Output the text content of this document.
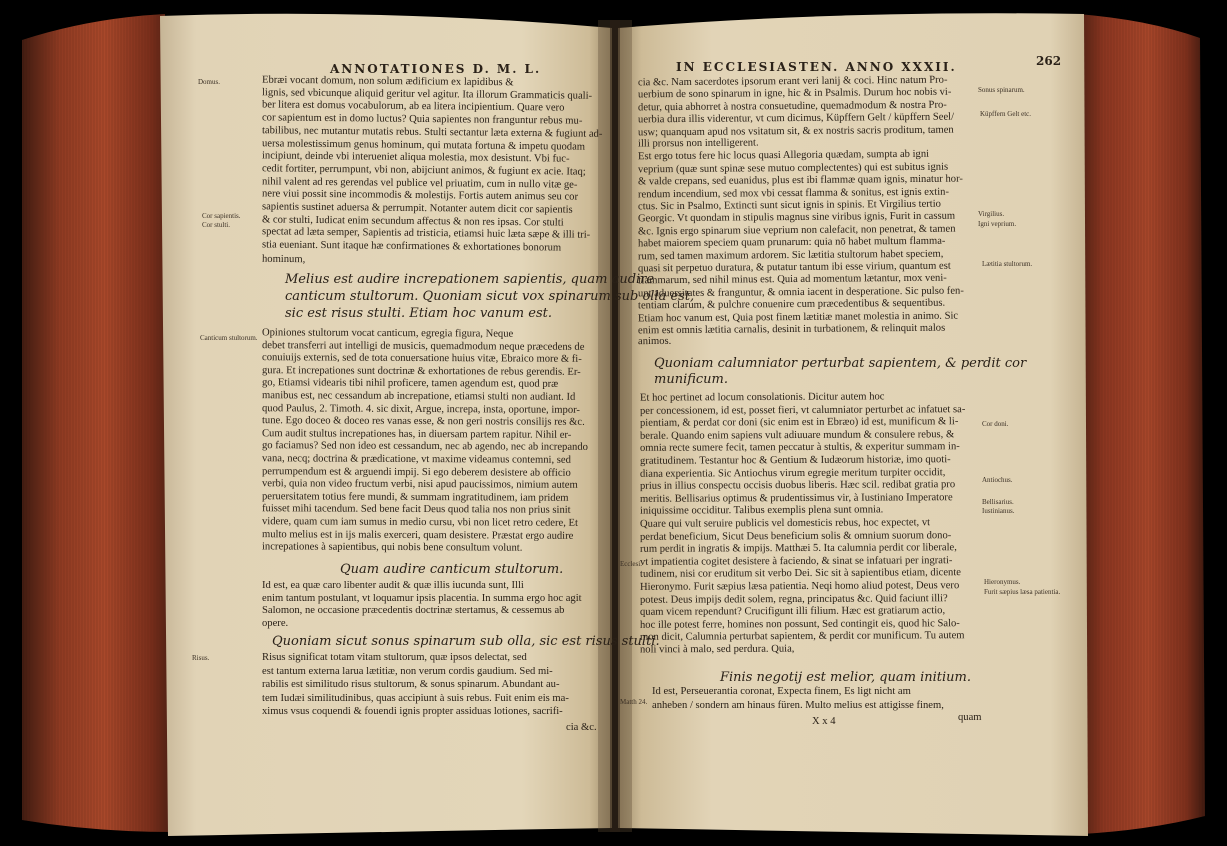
ANNOTATIONES D. M. L.
Domus.
Cor sapientis.
Cor stulti.
Canticum stultorum.
Risus.
Ebræi vocant domum, non solum ædificium ex lapidibus &
lignis, sed vbicunque aliquid geritur vel agitur. Ita illorum Grammaticis quali-
ber litera est domus vocabulorum, ab ea litera incipientium. Quare vero
cor sapientum est in domo luctus? Quia sapientes non franguntur rebus mu-
tabilibus, nec mutantur mutatis rebus. Stulti sectantur læta externa & fugiunt ad-
uersa molestissimum genus hominum, qui mutata fortuna & impetu quodam
incipiunt, deinde vbi interueniet aliqua molestia, mox desistunt. Vbi fuc-
cedit fortiter, perrumpunt, vbi non, abijciunt animos, & fugiunt ex acie. Itaq;
nihil valent ad res gerendas vel publice vel priuatim, cum in nullo vitæ ge-
nere viui possit sine incommodis & molestijs. Fortis autem animus seu cor
sapientis sustinet aduersa & perrumpit. Notanter autem dicit cor sapientis
& cor stulti, Iudicat enim secundum affectus & non res ipsas. Cor stulti
spectat ad læta semper, Sapientis ad tristicia, etiamsi huic læta sæpe & illi tri-
stia eueniant. Sunt itaque hæ confirmationes & exhortationes bonorum
hominum,
Melius est audire increpationem sapientis, quam audire
canticum stultorum. Quoniam sicut vox spinarum sub olla est,
sic est risus stulti. Etiam hoc vanum est.
Opiniones stultorum vocat canticum, egregia figura, Neque
debet transferri aut intelligi de musicis, quemadmodum neque præcedens de
conuiuijs externis, sed de tota conuersatione huius vitæ, Ebraico more & fi-
gura. Et increpationes sunt doctrinæ & exhortationes de rebus gerendis. Er-
go, Etiamsi videaris tibi nihil proficere, tamen agendum est, quod præ
manibus est, nec cessandum ab increpatione, etiamsi stulti non audiant. Id
quod Paulus, 2. Timoth. 4. sic dixit, Argue, increpa, insta, oportune, impor-
tune. Ego doceo & doceo res vanas esse, & non geri nostris consilijs res &c.
Cum audit stultus increpationes has, in diuersam partem rapitur. Nihil er-
go faciamus? Sed non ideo est cessandum, nec ab agendo, nec ab increpando
vana, necq; doctrina & prædicatione, vt maxime videamus contemni, sed
perrumpendum est & arguendi impij. Si ego deberem desistere ab officio
verbi, quia non video fructum verbi, nisi apud paucissimos, nimium autem
peruersitatem totius fere mundi, & summam ingratitudinem, iam pridem
fuisset mihi tacendum. Sed bene facit Deus quod talia nos non prius sinit
videre, quam cum iam sumus in medio cursu, vbi non licet retro cedere, Et
multo melius est in ijs malis exerceri, quam desistere. Præstat ergo audire
increpationes à sapientibus, qui nobis bene consultum volunt.
Quam audire canticum stultorum.
Id est, ea quæ caro libenter audit & quæ illis iucunda sunt, Illi
enim tantum postulant, vt loquamur ipsis placentia. In summa ergo hoc agit
Salomon, ne occasione præcedentis doctrinæ stertamus, & cessemus ab
opere.
Quoniam sicut sonus spinarum sub olla, sic est risus stulti.
Risus significat totam vitam stultorum, quæ ipsos delectat, sed
est tantum externa larua lætitiæ, non verum cordis gaudium. Sed mi-
rabilis est similitudo risus stultorum, & sonus spinarum. Abundant au-
tem Iudæi similitudinibus, quas accipiunt à suis rebus. Fuit enim eis ma-
ximus vsus coquendi & fouendi ignis propter assiduas lotiones, sacrifi-
cia &c.
IN ECCLESIASTEN. ANNO XXXII.	262
Sonus spinarum.
Küpffern Gelt etc.
Virgilius.
Igni veprium.
Lætitia stultorum.
Cor doni.
Antiochus.
Bellisarius.
Iustinianus.
Ecclesi.
Hieronymus.
Furit sæpius læsa patientia.
Matth 24.
cia &c. Nam sacerdotes ipsorum erant veri lanij & coci. Hinc natum Pro-
uerbium de sono spinarum in igne, hic & in Psalmis. Durum hoc nobis vi-
detur, quia abhorret à nostra consuetudine, quemadmodum & nostra Pro-
uerbia dura illis viderentur, vt cum dicimus, Küpffern Gelt / küpffern Seel/
usw; quanquam apud nos vsitatum sit, & ex nostris sacris proditum, tamen
illi prorsus non intelligerent.
Est ergo totus fere hic locus quasi Allegoria quædam, sumpta ab igni
veprium (quæ sunt spinæ sese mutuo complectentes) qui est subitus ignis
& valde crepans, sed euanidus, plus est ibi flammæ quam ignis, minatur hor-
rendum incendium, sed mox vbi cessat flamma & sonitus, est ignis extin-
ctus. Sic in Psalmo, Extincti sunt sicut ignis in spinis. Et Virgilius tertio
Georgic. Vt quondam in stipulis magnus sine viribus ignis, Furit in cassum
&c. Ignis ergo spinarum siue veprium non calefacit, non penetrat, & tamen
habet maiorem speciem quam prunarum: quia nō habet multum flamma-
rum, sed tamen maximum ardorem. Sic lætitia stultorum habet speciem,
quasi sit perpetuo duratura, & putatur tantum ibi esse virium, quantum est
flammarum, sed nihil minus est. Quia ad momentum lætantur, mox veni-
unt aduersitates & franguntur, & omnia iacent in desperatione. Sic pulso fen-
tentiam clarum, & pulchre conuenire cum præcedentibus & sequentibus.
Etiam hoc vanum est, Quia post finem lætitiæ manet molestia in animo. Sic
enim est omnis lætitia carnalis, desinit in turbationem, & relinquit malos
animos.
Quoniam calumniator perturbat sapientem, & perdit cor
munificum.
Et hoc pertinet ad locum consolationis. Dicitur autem hoc
per concessionem, id est, posset fieri, vt calumniator perturbet ac infatuet sa-
pientiam, & perdat cor doni (sic enim est in Ebræo) id est, munificum & li-
berale. Quando enim sapiens vult adiuuare mundum & consulere rebus, &
omnia recte sumere fecit, tamen peccatur à stultis, & experitur summam in-
gratitudinem. Testantur hoc & Gentium & Iudæorum historiæ, imo quoti-
diana experientia. Sic Antiochus virum egregie meritum turpiter occidit,
prius in illius conspectu occisis duobus liberis. Hæc scil. redibat gratia pro
meritis. Bellisarius optimus & prudentissimus vir, à Iustiniano Imperatore
iniquissime occiditur. Talibus exemplis plena sunt omnia.
Quare qui vult seruire publicis vel domesticis rebus, hoc expectet, vt
perdat beneficium, Sicut Deus beneficium solis & omnium suorum dono-
rum perdit in ingratis & impijs. Matthæi 5. Ita calumnia perdit cor liberale,
vt impatientia cogitet desistere à faciendo, & sinat se infatuari per ingrati-
tudinem, nisi cor eruditum sit verbo Dei. Sic sit à sapientibus etiam, dicente
Hieronymo. Furit sæpius læsa patientia. Neqi homo aliud potest, Deus vero
potest. Deus impijs dedit solem, regna, principatus &c. Quid faciunt illi?
quam vicem rependunt? Crucifigunt illi filium. Hæc est gratiarum actio,
hoc ille potest ferre, homines non possunt, Sed contingit eis, quod hic Salo-
mon dicit, Calumnia perturbat sapientem, & perdit cor munificum. Tu autem
noli vinci à malo, sed perdura. Quia,
Finis negotij est melior, quam initium.
Id est, Perseuerantia coronat, Expecta finem, Es ligt nicht am
anheben / sondern am hinaus füren. Multo melius est attigisse finem,
X x 4	quam
